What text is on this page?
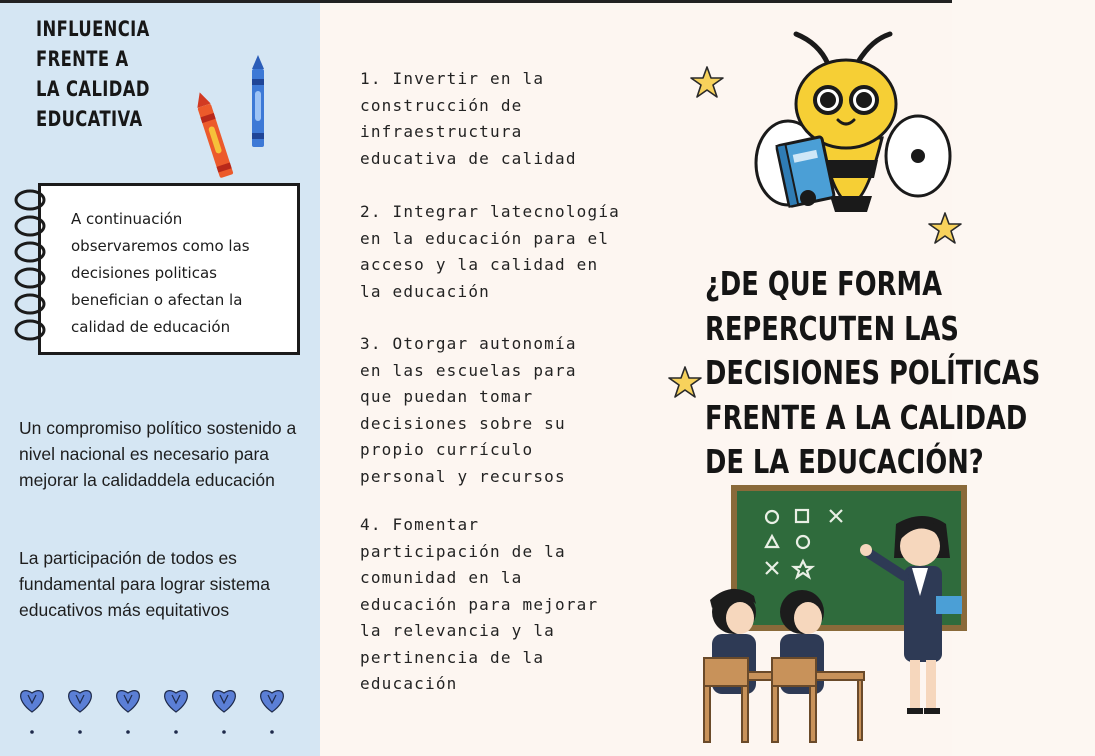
INFLUENCIA FRENTE A
LA CALIDAD
EDUCATIVA

A continuación observaremos como las decisiones politicas benefician o afectan la calidad de educación

Un compromiso político sostenido a nivel nacional es necesario para mejorar la calidaddela educación

La participación de todos es fundamental para lograr sistema educativos más equitativos

1. Invertir en la
construcción de
infraestructura
educativa de calidad

2. Integrar latecnología
en la educación para el
acceso y la calidad en
la educación

3. Otorgar autonomía
en las escuelas para
que puedan tomar
decisiones sobre su
propio currículo
personal y recursos

4. Fomentar
participación de la
comunidad en la
educación para mejorar
la relevancia y la
pertinencia de la
educación

¿DE QUE FORMA
REPERCUTEN LAS
DECISIONES POLÍTICAS
FRENTE A LA CALIDAD
DE LA EDUCACIÓN?
